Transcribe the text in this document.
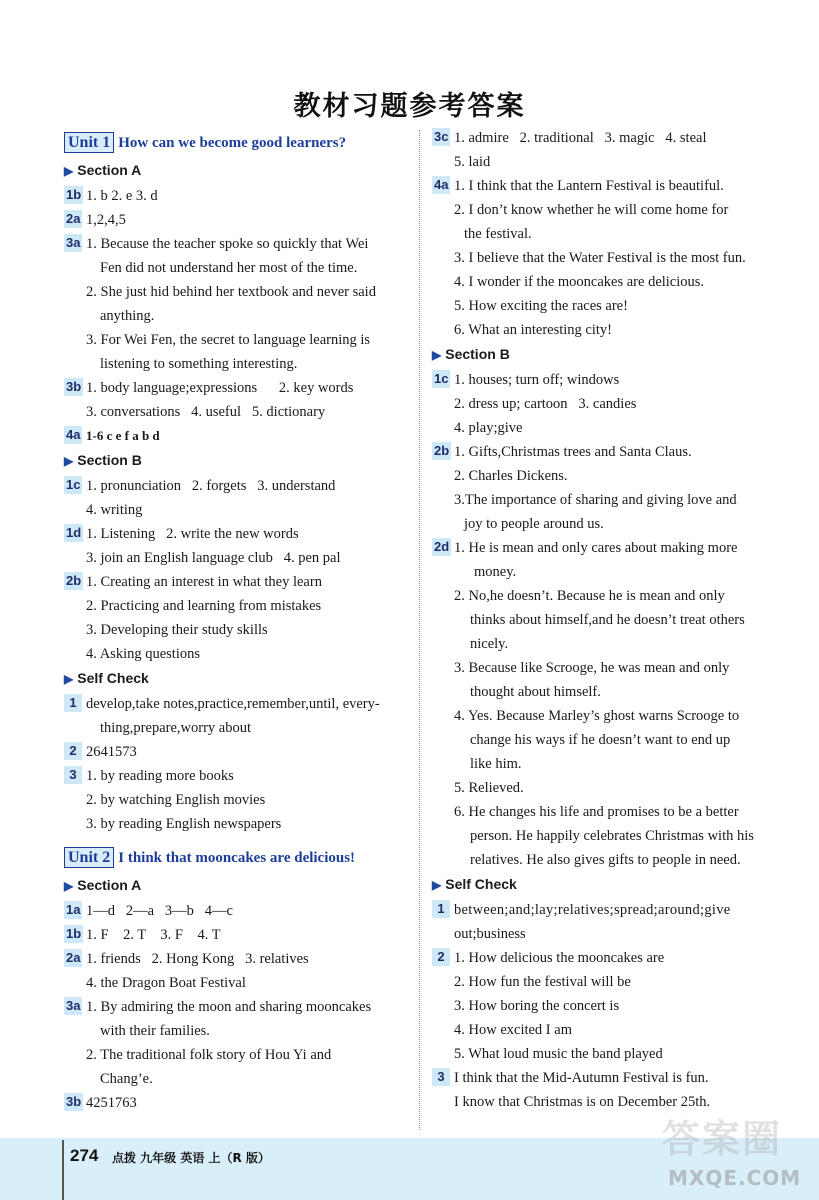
教材习题参考答案
Unit 1 How can we become good learners?
▶ Section A
1b 1. b 2. e 3. d
2a 1,2,4,5
3a 1. Because the teacher spoke so quickly that Wei
Fen did not understand her most of the time.
2. She just hid behind her textbook and never said
anything.
3. For Wei Fen, the secret to language learning is
listening to something interesting.
3b 1. body language;expressions      2. key words
3. conversations   4. useful   5. dictionary
4a 1-6 c e f a b d
▶ Section B
1c 1. pronunciation   2. forgets   3. understand
4. writing
1d 1. Listening   2. write the new words
3. join an English language club   4. pen pal
2b 1. Creating an interest in what they learn
2. Practicing and learning from mistakes
3. Developing their study skills
4. Asking questions
▶ Self Check
1 develop,take notes,practice,remember,until, every-
thing,prepare,worry about
2 2641573
3 1. by reading more books
2. by watching English movies
3. by reading English newspapers
Unit 2 I think that mooncakes are delicious!
▶ Section A
1a 1—d   2—a   3—b   4—c
1b 1. F    2. T    3. F    4. T
2a 1. friends   2. Hong Kong   3. relatives
4. the Dragon Boat Festival
3a 1. By admiring the moon and sharing mooncakes
with their families.
2. The traditional folk story of Hou Yi and
Chang’e.
3b 4251763
3c 1. admire   2. traditional   3. magic   4. steal
5. laid
4a 1. I think that the Lantern Festival is beautiful.
2. I don’t know whether he will come home for
the festival.
3. I believe that the Water Festival is the most fun.
4. I wonder if the mooncakes are delicious.
5. How exciting the races are!
6. What an interesting city!
▶ Section B
1c 1. houses; turn off; windows
2. dress up; cartoon   3. candies
4. play;give
2b 1. Gifts,Christmas trees and Santa Claus.
2. Charles Dickens.
3.The importance of sharing and giving love and
joy to people around us.
2d 1. He is mean and only cares about making more
money.
2. No,he doesn’t. Because he is mean and only
thinks about himself,and he doesn’t treat others
nicely.
3. Because like Scrooge, he was mean and only
thought about himself.
4. Yes. Because Marley’s ghost warns Scrooge to
change his ways if he doesn’t want to end up
like him.
5. Relieved.
6. He changes his life and promises to be a better
person. He happily celebrates Christmas with his
relatives. He also gives gifts to people in need.
▶ Self Check
1 between;and;lay;relatives;spread;around;give
out;business
2 1. How delicious the mooncakes are
2. How fun the festival will be
3. How boring the concert is
4. How excited I am
5. What loud music the band played
3 I think that the Mid-Autumn Festival is fun.
I know that Christmas is on December 25th.
274 点拨 九年级 英语 上（R 版）	答案圈
MXQE.COM
